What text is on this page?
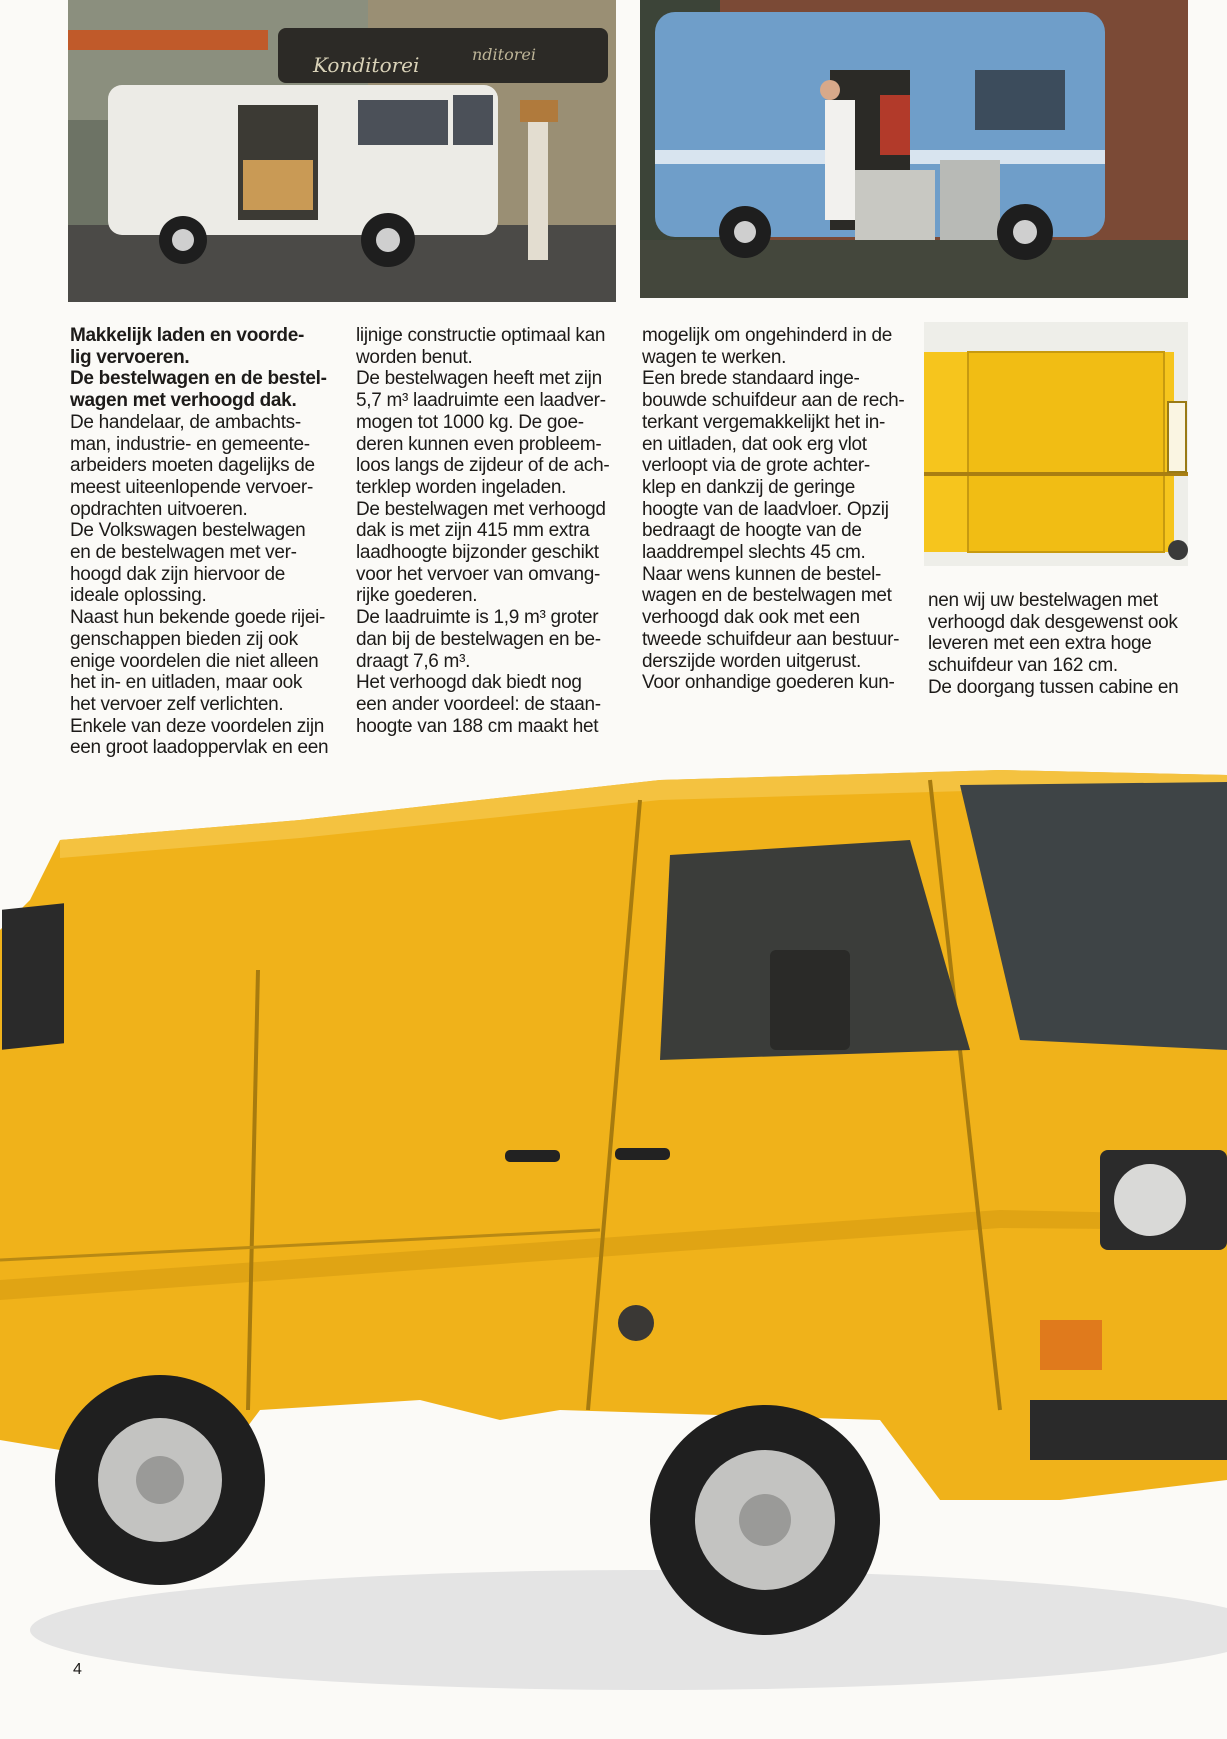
Konditorei	nditorei

Makkelijk laden en voorde-
lig vervoeren.

De bestelwagen en de bestel-
wagen met verhoogd dak.

De handelaar, de ambachts-
man, industrie- en gemeente-
arbeiders moeten dagelijks de
meest uiteenlopende vervoer-
opdrachten uitvoeren.
De Volkswagen bestelwagen
en de bestelwagen met ver-
hoogd dak zijn hiervoor de
ideale oplossing.
Naast hun bekende goede rijei-
genschappen bieden zij ook
enige voordelen die niet alleen
het in- en uitladen, maar ook
het vervoer zelf verlichten.
Enkele van deze voordelen zijn
een groot laadoppervlak en een

lijnige constructie optimaal kan
worden benut.
De bestelwagen heeft met zijn
5,7 m³ laadruimte een laadver-
mogen tot 1000 kg. De goe-
deren kunnen even probleem-
loos langs de zijdeur of de ach-
terklep worden ingeladen.
De bestelwagen met verhoogd
dak is met zijn 415 mm extra
laadhoogte bijzonder geschikt
voor het vervoer van omvang-
rijke goederen.
De laadruimte is 1,9 m³ groter
dan bij de bestelwagen en be-
draagt 7,6 m³.
Het verhoogd dak biedt nog
een ander voordeel: de staan-
hoogte van 188 cm maakt het

mogelijk om ongehinderd in de
wagen te werken.
Een brede standaard inge-
bouwde schuifdeur aan de rech-
terkant vergemakkelijkt het in-
en uitladen, dat ook erg vlot
verloopt via de grote achter-
klep en dankzij de geringe
hoogte van de laadvloer. Opzij
bedraagt de hoogte van de
laaddrempel slechts 45 cm.
Naar wens kunnen de bestel-
wagen en de bestelwagen met
verhoogd dak ook met een
tweede schuifdeur aan bestuur-
derszijde worden uitgerust.
Voor onhandige goederen kun-

nen wij uw bestelwagen met
verhoogd dak desgewenst ook
leveren met een extra hoge
schuifdeur van 162 cm.
De doorgang tussen cabine en

4
